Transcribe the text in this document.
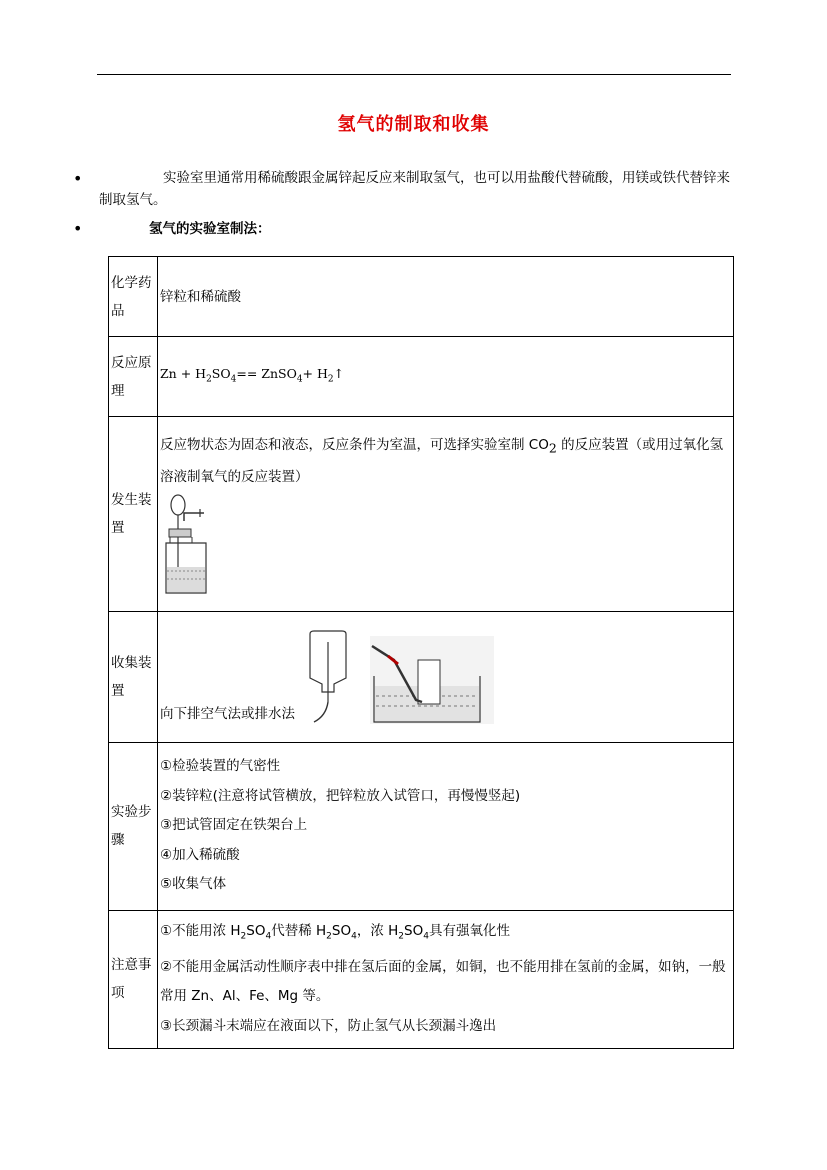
氢气的制取和收集
•	实验室里通常用稀硫酸跟金属锌起反应来制取氢气，也可以用盐酸代替硫酸，用镁或铁代替锌来制取氢气。
•	氢气的实验室制法：
化学药品	锌粒和稀硫酸
反应原理	$Zn + H_2SO_4==$ ZnSO$_4$+ $H_2↑$
发生装置	反应物状态为固态和液态，反应条件为室温，可选择实验室制 $CO_2$ 的反应装置（或用过氧化氢溶液制氧气的反应装置）

收集装置	向下排空气法或排水法

实验步骤	①检验装置的气密性
②装锌粒(注意将试管横放，把锌粒放入试管口，再慢慢竖起)
③把试管固定在铁架台上
④加入稀硫酸
⑤收集气体

注意事项	①不能用浓 $H_2SO_4$代替稀 $H_2SO_4$，浓 $H_2SO_4$具有强氧化性
②不能用金属活动性顺序表中排在氢后面的金属，如铜，也不能用排在氢前的金属，如钠，一般常用 Zn、Al、Fe、Mg 等。
③长颈漏斗末端应在液面以下，防止氢气从长颈漏斗逸出
